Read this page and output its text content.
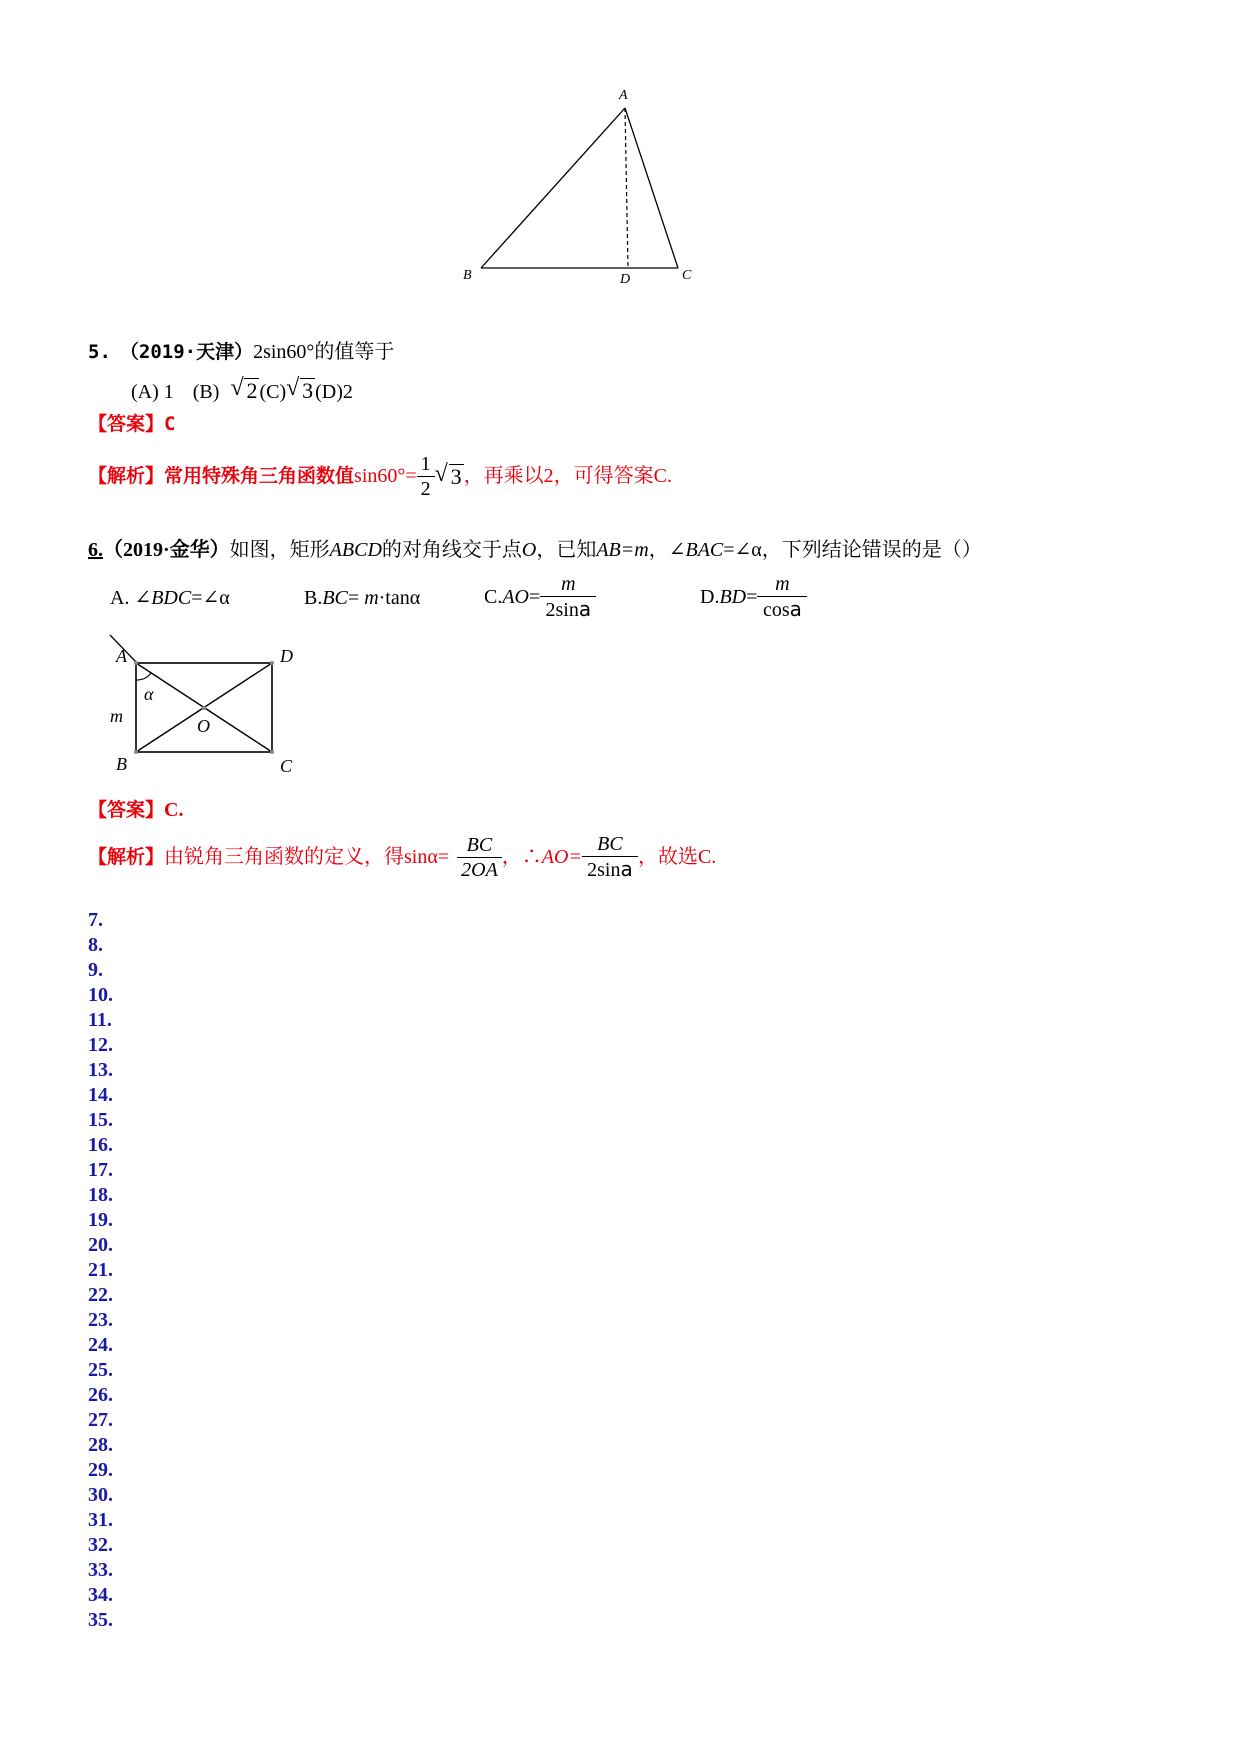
A
B	D	C
5. （2019·天津）2sin60°的值等于
(A) 1 (B) √ 2 (C) √ 3 (D)2
【答案】C
【解析】 常用特殊角三角函数值 $\sin 60^\circ= \frac{1}{2}$ √ 3 ，再乘以2，可得答案C.
6.（2019·金华）如图，矩形ABCD的对角线交于点O，已知AB=m，∠BAC=∠α，下列结论错误的是（）
A. ∠BDC=∠α	B.BC= m·tanα	C. AO = $\frac{m}{2\sin a}$	D. BD = $\frac{m}{\cos a}$
A	D
α
m	O
B	C
【答案】C.
【解析】 由锐角三角函数的定义，得$\sin\alpha= \frac{BC}{2OA}$ ，∴ $AO= \frac{BC}{2\sin a}$ ，故选C.
7.
8.
9.
10.
11.
12.
13.
14.
15.
16.
17.
18.
19.
20.
21.
22.
23.
24.
25.
26.
27.
28.
29.
30.
31.
32.
33.
34.
35.
